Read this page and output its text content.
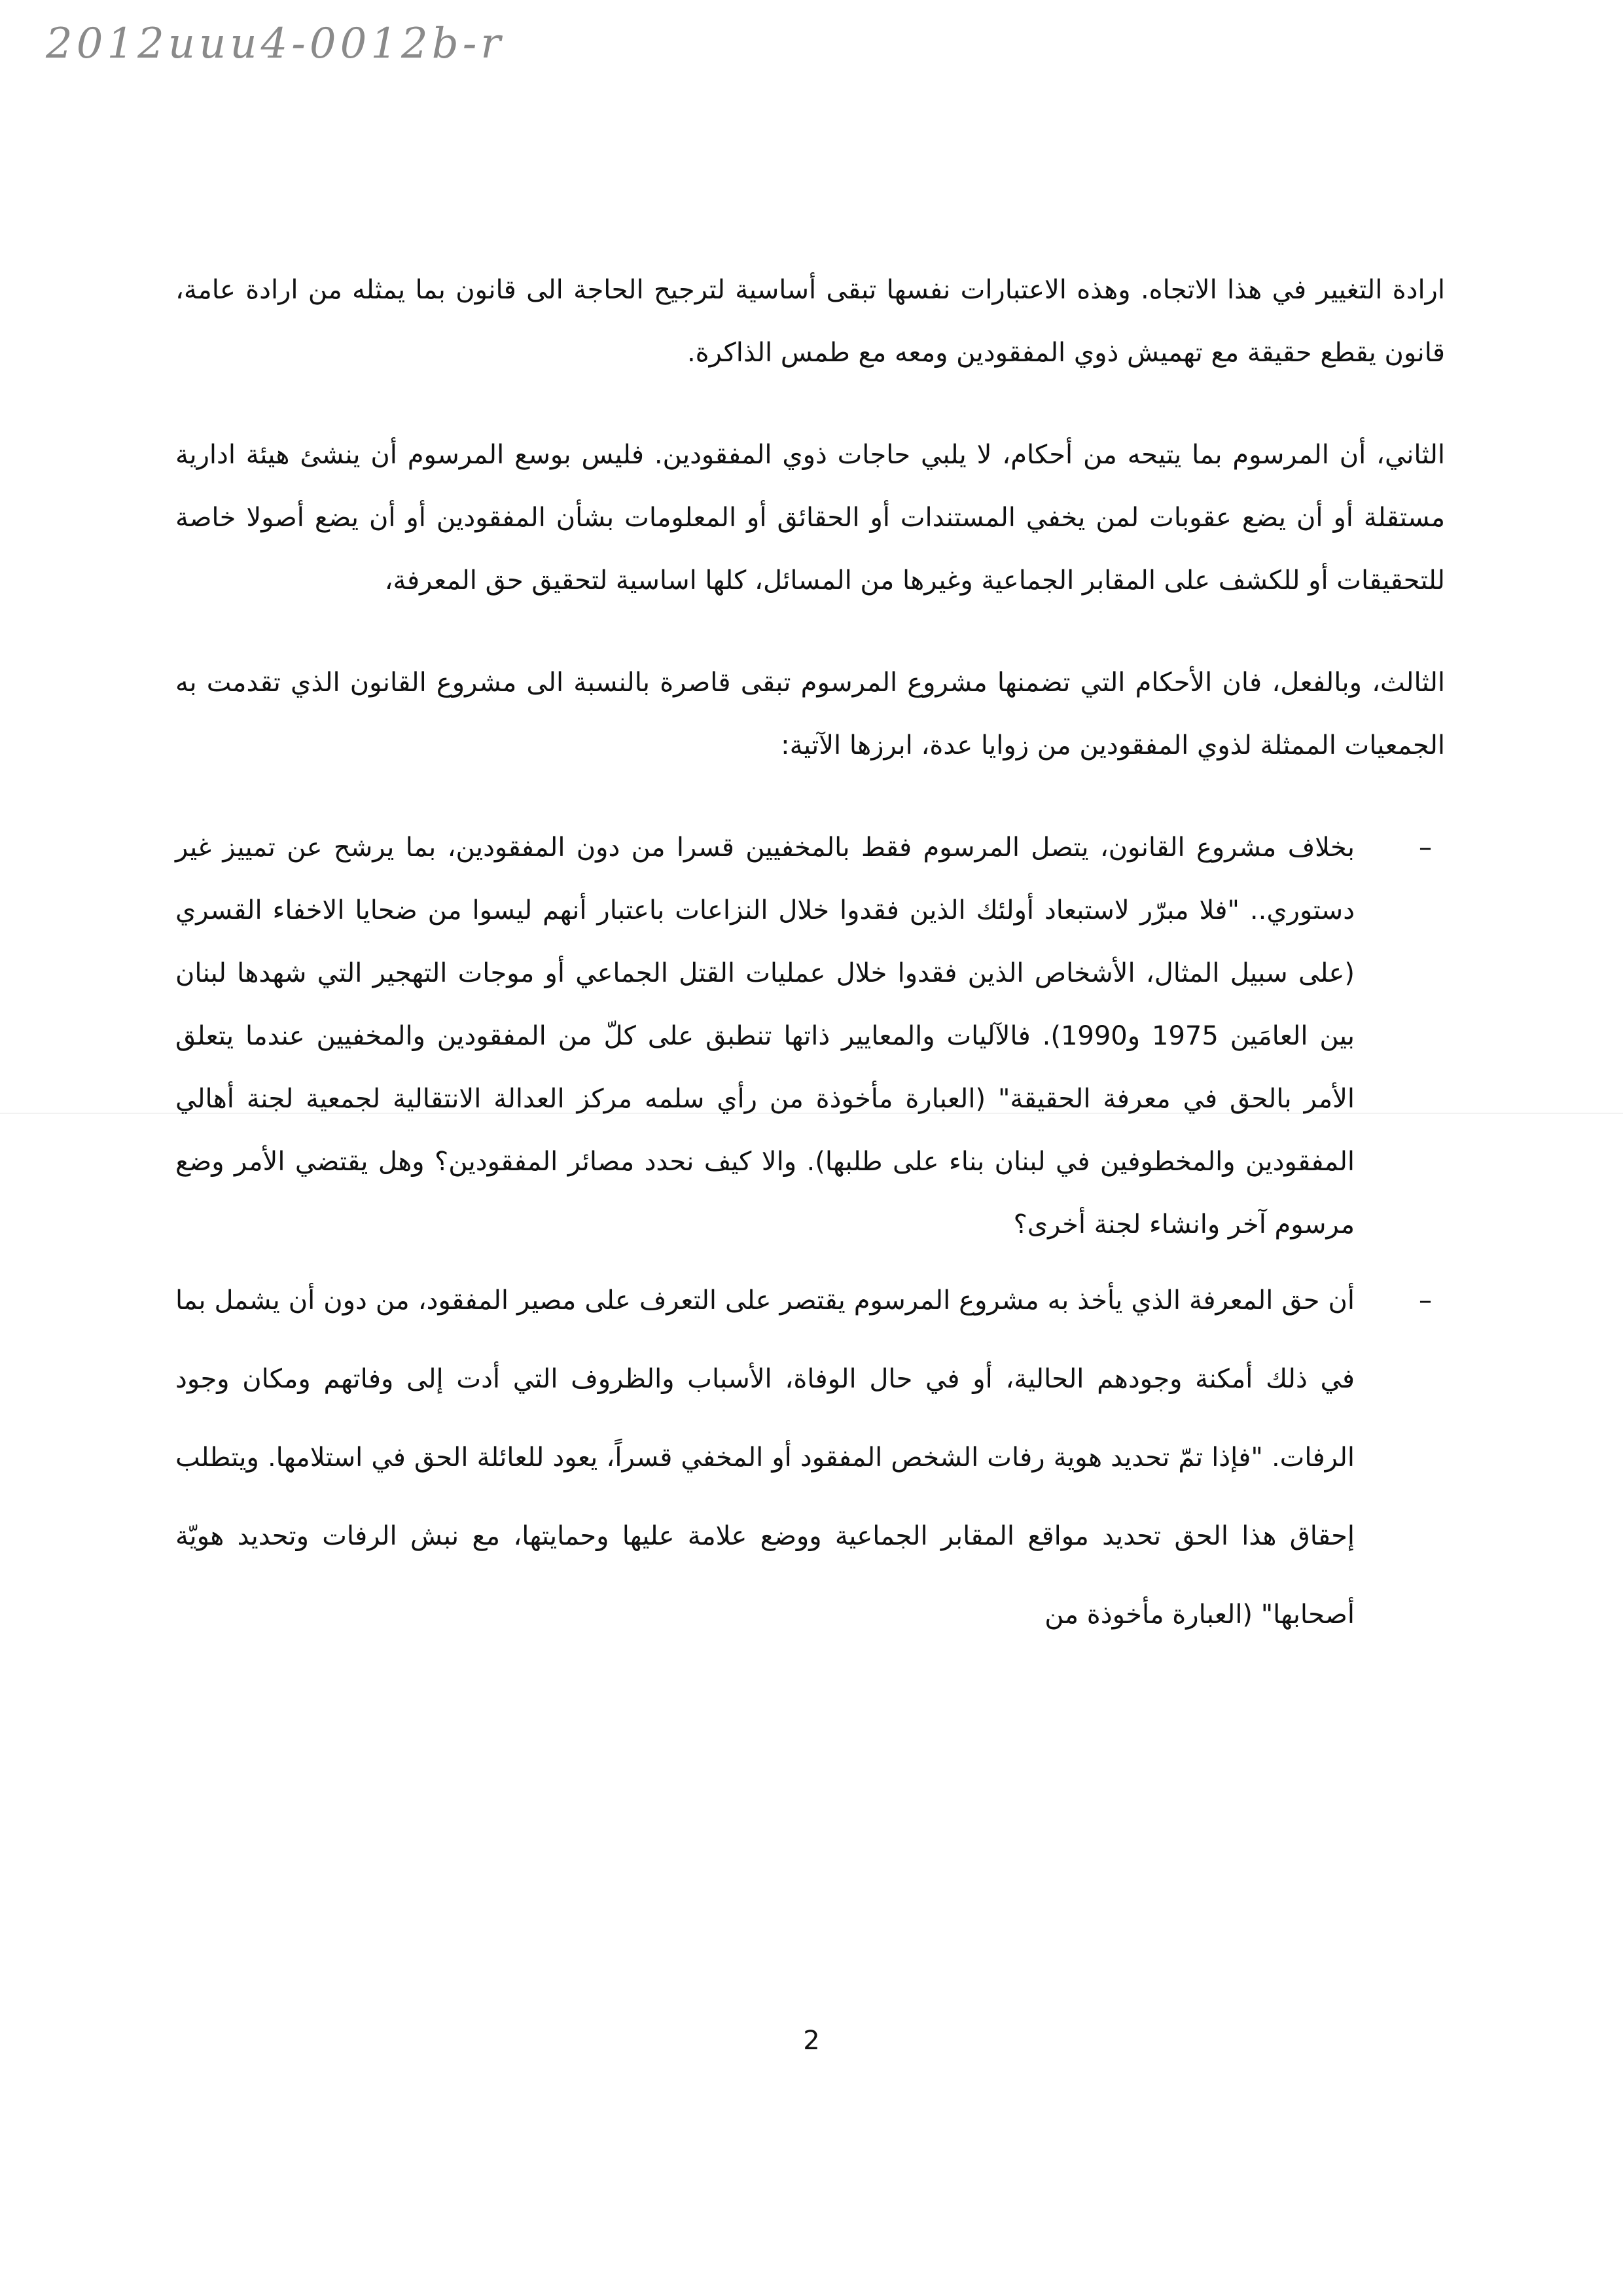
2012uuu4-0012b-r

ارادة التغيير في هذا الاتجاه. وهذه الاعتبارات نفسها تبقى أساسية لترجيح الحاجة الى قانون بما يمثله من ارادة عامة، قانون يقطع حقيقة مع تهميش ذوي المفقودين ومعه مع طمس الذاكرة.

الثاني، أن المرسوم بما يتيحه من أحكام، لا يلبي حاجات ذوي المفقودين. فليس بوسع المرسوم أن ينشئ هيئة ادارية مستقلة أو أن يضع عقوبات لمن يخفي المستندات أو الحقائق أو المعلومات بشأن المفقودين أو أن يضع أصولا خاصة للتحقيقات أو للكشف على المقابر الجماعية وغيرها من المسائل، كلها اساسية لتحقيق حق المعرفة،

الثالث، وبالفعل، فان الأحكام التي تضمنها مشروع المرسوم تبقى قاصرة بالنسبة الى مشروع القانون الذي تقدمت به الجمعيات الممثلة لذوي المفقودين من زوايا عدة، ابرزها الآتية:

–
بخلاف مشروع القانون، يتصل المرسوم فقط بالمخفيين قسرا من دون المفقودين، بما يرشح عن تمييز غير دستوري.. "فلا مبرّر لاستبعاد أولئك الذين فقدوا خلال النزاعات باعتبار أنهم ليسوا من ضحايا الاخفاء القسري (على سبيل المثال، الأشخاص الذين فقدوا خلال عمليات القتل الجماعي أو موجات التهجير التي شهدها لبنان بين العامَين 1975 و1990). فالآليات والمعايير ذاتها تنطبق على كلّ من المفقودين والمخفيين عندما يتعلق الأمر بالحق في معرفة الحقيقة" (العبارة مأخوذة من رأي سلمه مركز العدالة الانتقالية لجمعية لجنة أهالي المفقودين والمخطوفين في لبنان بناء على طلبها). والا كيف نحدد مصائر المفقودين؟ وهل يقتضي الأمر وضع مرسوم آخر وانشاء لجنة أخرى؟
–
أن حق المعرفة الذي يأخذ به مشروع المرسوم يقتصر على التعرف على مصير المفقود، من دون أن يشمل بما في ذلك أمكنة وجودهم الحالية، أو في حال الوفاة، الأسباب والظروف التي أدت إلى وفاتهم ومكان وجود الرفات. "فإذا تمّ تحديد هوية رفات الشخص المفقود أو المخفي قسراً، يعود للعائلة الحق في استلامها. ويتطلب إحقاق هذا الحق تحديد مواقع المقابر الجماعية ووضع علامة عليها وحمايتها، مع نبش الرفات وتحديد هويّة أصحابها" (العبارة مأخوذة من
2
